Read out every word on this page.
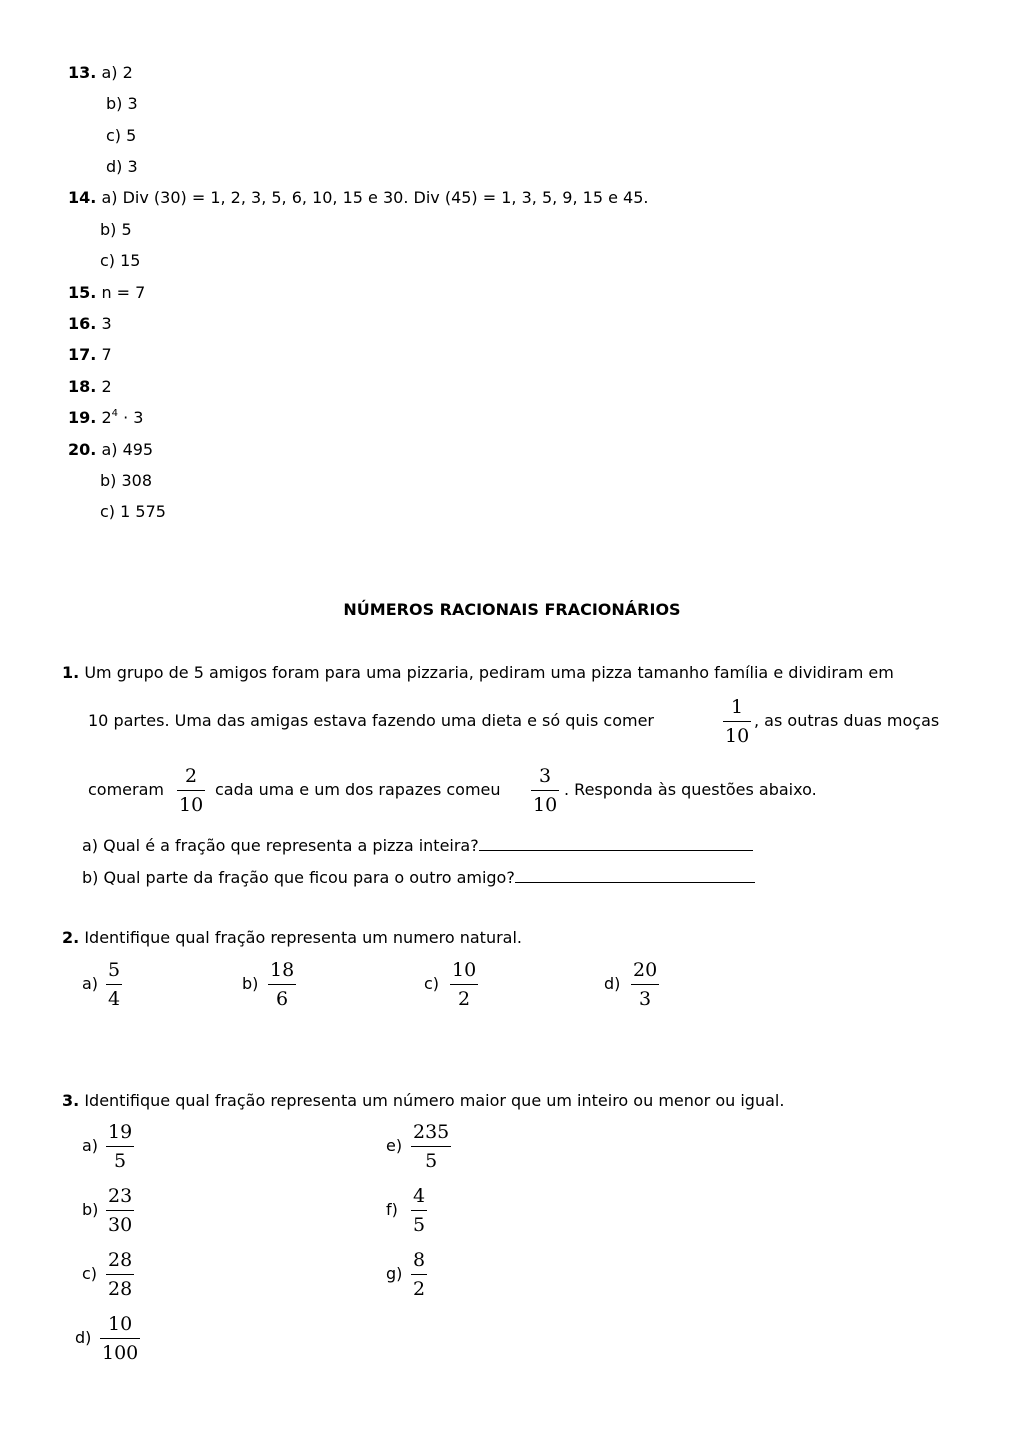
13. a) 2
b) 3
c) 5
d) 3
14. a) Div (30) = 1, 2, 3, 5, 6, 10, 15 e 30. Div (45) = 1, 3, 5, 9, 15 e 45.
b) 5
c) 15
15. n = 7
16. 3
17. 7
18. 2
19. $2^4 \cdot 3$
20. a) 495
b) 308
c) 1 575
NÚMEROS RACIONAIS FRACIONÁRIOS
1. Um grupo de 5 amigos foram para uma pizzaria, pediram uma pizza tamanho família e dividiram em
10 partes. Uma das amigas estava fazendo uma dieta e só quis comer	$\frac{1}{10}$ , as outras duas moças
comeram $\frac{2}{10}$ cada uma e um dos rapazes comeu $\frac{3}{10}$ . Responda às questões abaixo.
a) Qual é a fração que representa a pizza inteira?
b) Qual parte da fração que ficou para o outro amigo?
2. Identifique qual fração representa um numero natural.
$a) \frac{5}{4}$	$b) \frac{18}{6}$	$c) \frac{10}{2}$	$d) \frac{20}{3}$
3. Identifique qual fração representa um número maior que um inteiro ou menor ou igual.
$a) \frac{19}{5}$
$b) \frac{23}{30}$
$c) \frac{28}{28}$
$d) \frac{10}{100}$
$e) \frac{235}{5}$
$f) \frac{4}{5}$
$g) \frac{8}{2}$
